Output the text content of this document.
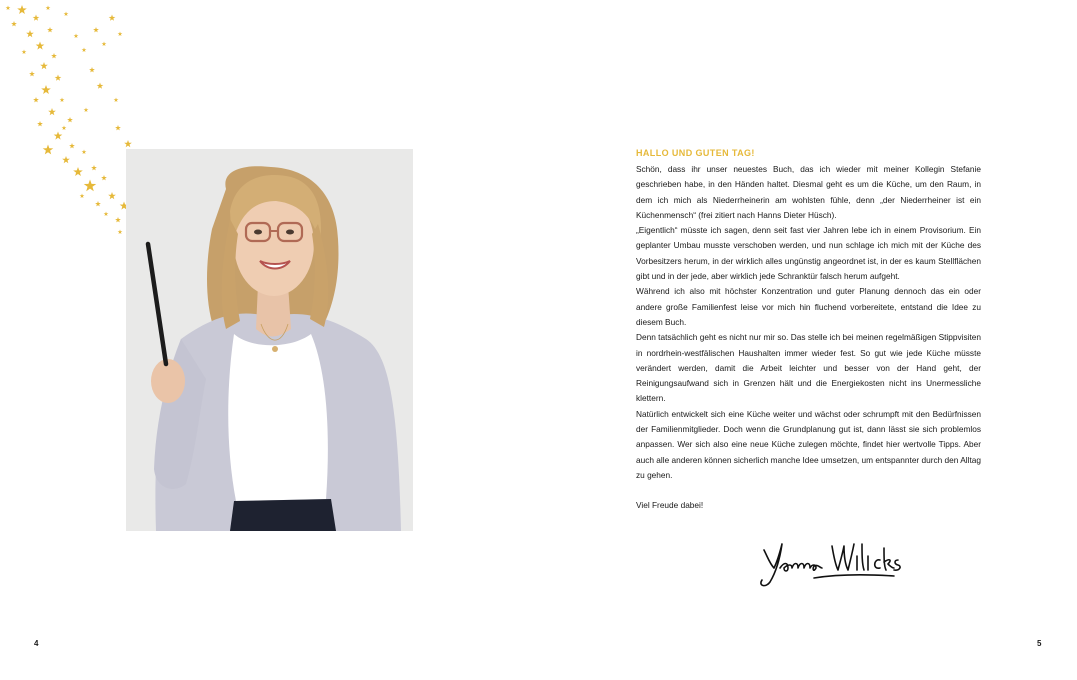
HALLO UND GUTEN TAG!

Schön, dass ihr unser neuestes Buch, das ich wieder mit meiner Kollegin Stefanie geschrieben habe, in den Händen haltet. Diesmal geht es um die Küche, um den Raum, in dem ich mich als Niederrheinerin am wohlsten fühle, denn „der Niederrheiner ist ein Küchenmensch“ (frei zitiert nach Hanns Dieter Hüsch).

„Eigentlich“ müsste ich sagen, denn seit fast vier Jahren lebe ich in einem Provisorium. Ein geplanter Umbau musste verschoben werden, und nun schlage ich mich mit der Küche des Vorbesitzers herum, in der wirklich alles ungünstig angeordnet ist, in der es kaum Stellflächen gibt und in der jede, aber wirklich jede Schranktür falsch herum aufgeht.

Während ich also mit höchster Konzentration und guter Planung dennoch das ein oder andere große Familienfest leise vor mich hin fluchend vorbereitete, entstand die Idee zu diesem Buch.

Denn tatsächlich geht es nicht nur mir so. Das stelle ich bei meinen regelmäßigen Stippvisiten in nordrhein-westfälischen Haushalten immer wieder fest. So gut wie jede Küche müsste verändert werden, damit die Arbeit leichter und besser von der Hand geht, der Reinigungsaufwand sich in Grenzen hält und die Energiekosten nicht ins Unermessliche klettern.

Natürlich entwickelt sich eine Küche weiter und wächst oder schrumpft mit den Bedürfnissen der Familienmitglieder. Doch wenn die Grundplanung gut ist, dann lässt sie sich problemlos anpassen. Wer sich also eine neue Küche zulegen möchte, findet hier wertvolle Tipps. Aber auch alle anderen können sicherlich manche Idee umsetzen, um entspannter durch den Alltag zu gehen.

Viel Freude dabei!

4	5
